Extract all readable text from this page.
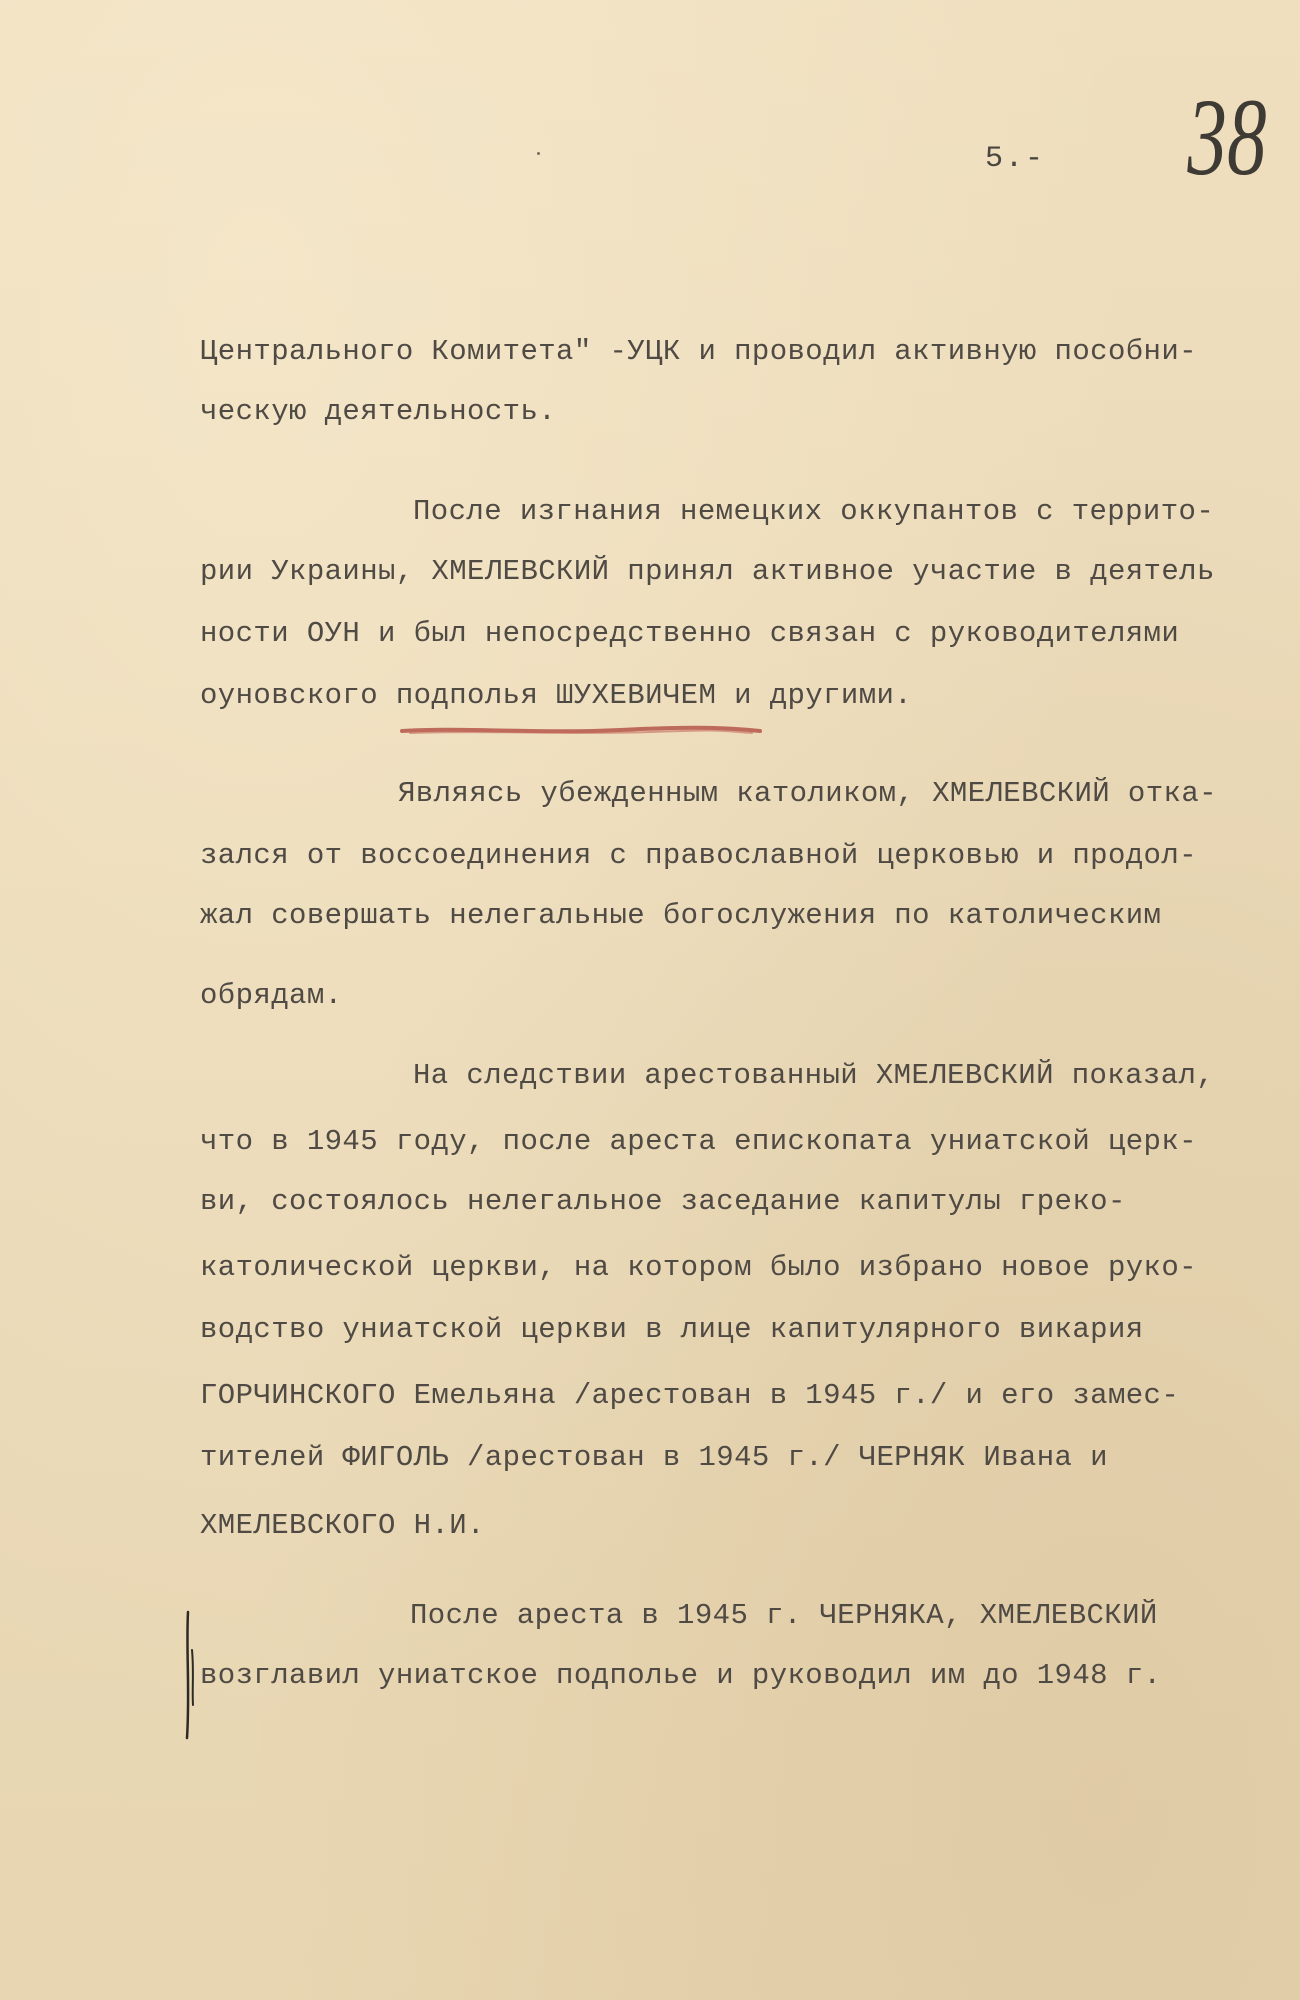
5.- 38
Центрального Комитета" -УЦК и проводил активную пособни-
ческую деятельность.
После изгнания немецких оккупантов с террито-
рии Украины, ХМЕЛЕВСКИЙ принял активное участие в деятель
ности ОУН и был непосредственно связан с руководителями
оуновского подполья ШУХЕВИЧЕМ и другими.
Являясь убежденным католиком, ХМЕЛЕВСКИЙ отка-
зался от воссоединения с православной церковью и продол-
жал совершать нелегальные богослужения по католическим
обрядам.
На следствии арестованный ХМЕЛЕВСКИЙ показал,
что в 1945 году, после ареста епископата униатской церк-
ви, состоялось нелегальное заседание капитулы греко-
католической церкви, на котором было избрано новое руко-
водство униатской церкви в лице капитулярного викария
ГОРЧИНСКОГО Емельяна /арестован в 1945 г./ и его замес-
тителей ФИГОЛЬ /арестован в 1945 г./ ЧЕРНЯК Ивана и
ХМЕЛЕВСКОГО Н.И.
После ареста в 1945 г. ЧЕРНЯКА, ХМЕЛЕВСКИЙ
возглавил униатское подполье и руководил им до 1948 г.
